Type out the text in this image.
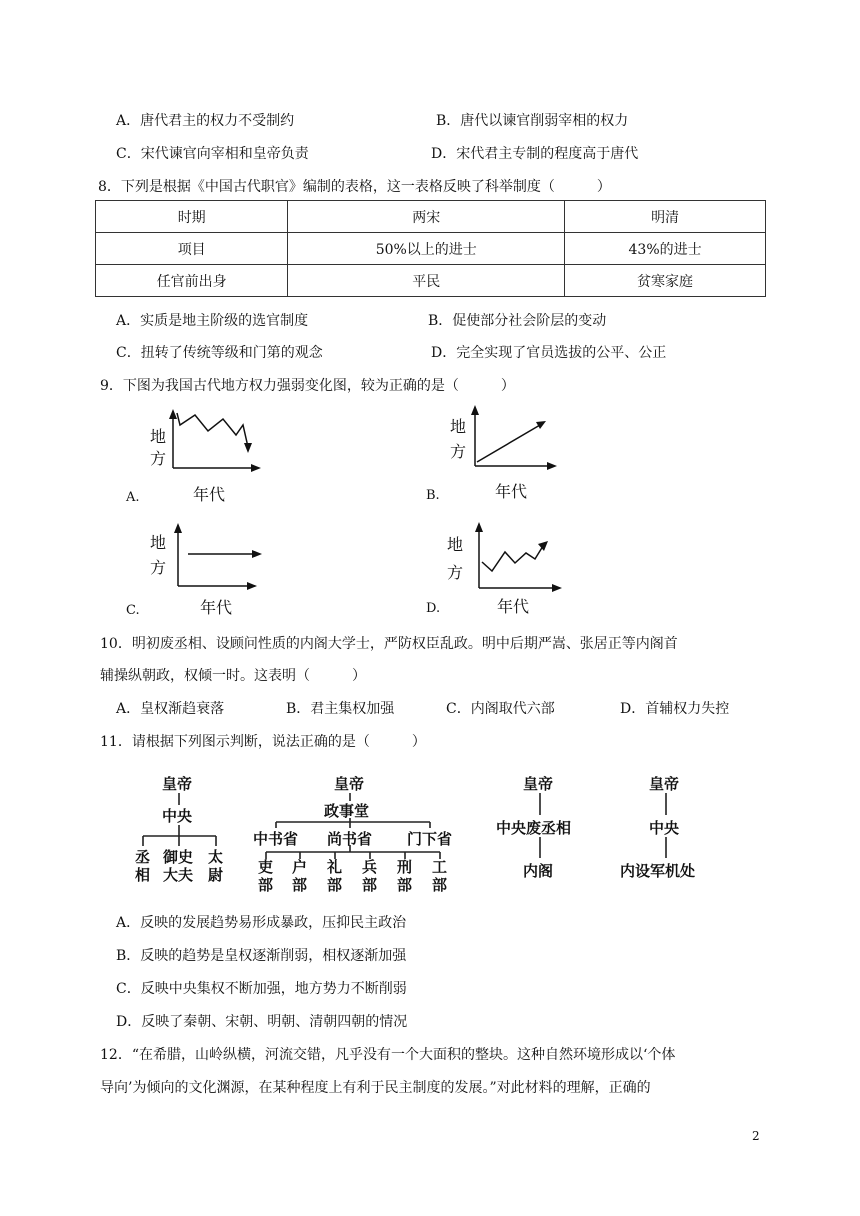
A．唐代君主的权力不受制约	B．唐代以谏官削弱宰相的权力
C．宋代谏官向宰相和皇帝负责	D．宋代君主专制的程度高于唐代
8．下列是根据《中国古代职官》编制的表格，这一表格反映了科举制度（　　　）
时期	两宋	明清
项目	50%以上的进士	43%的进士
任官前出身	平民	贫寒家庭
A．实质是地主阶级的选官制度	B．促使部分社会阶层的变动
C．扭转了传统等级和门第的观念	D．完全实现了官员选拔的公平、公正
9．下图为我国古代地方权力强弱变化图，较为正确的是（　　　）
地
方
年代
A.
地
方
年代
B.
地
方
年代
C.
地
方
年代
D.
10．明初废丞相、设顾问性质的内阁大学士，严防权臣乱政。明中后期严嵩、张居正等内阁首
辅操纵朝政，权倾一时。这表明（　　　）
A．皇权渐趋衰落	B．君主集权加强	C．内阁取代六部	D．首辅权力失控
11．请根据下列图示判断，说法正确的是（　　　）
皇帝
中央
丞
相
御史
大夫
太
尉
皇帝
政事堂
中书省 尚书省 门下省
吏
部
户
部
礼
部
兵
部
刑
部
工
部
皇帝
中央废丞相
内阁
皇帝
中央
内设军机处
A．反映的发展趋势易形成暴政，压抑民主政治
B．反映的趋势是皇权逐渐削弱，相权逐渐加强
C．反映中央集权不断加强，地方势力不断削弱
D．反映了秦朝、宋朝、明朝、清朝四朝的情况
12．“在希腊，山岭纵横，河流交错，凡乎没有一个大面积的整块。这种自然环境形成以‘个体
导向’为倾向的文化渊源，在某种程度上有利于民主制度的发展。”对此材料的理解，正确的
2
